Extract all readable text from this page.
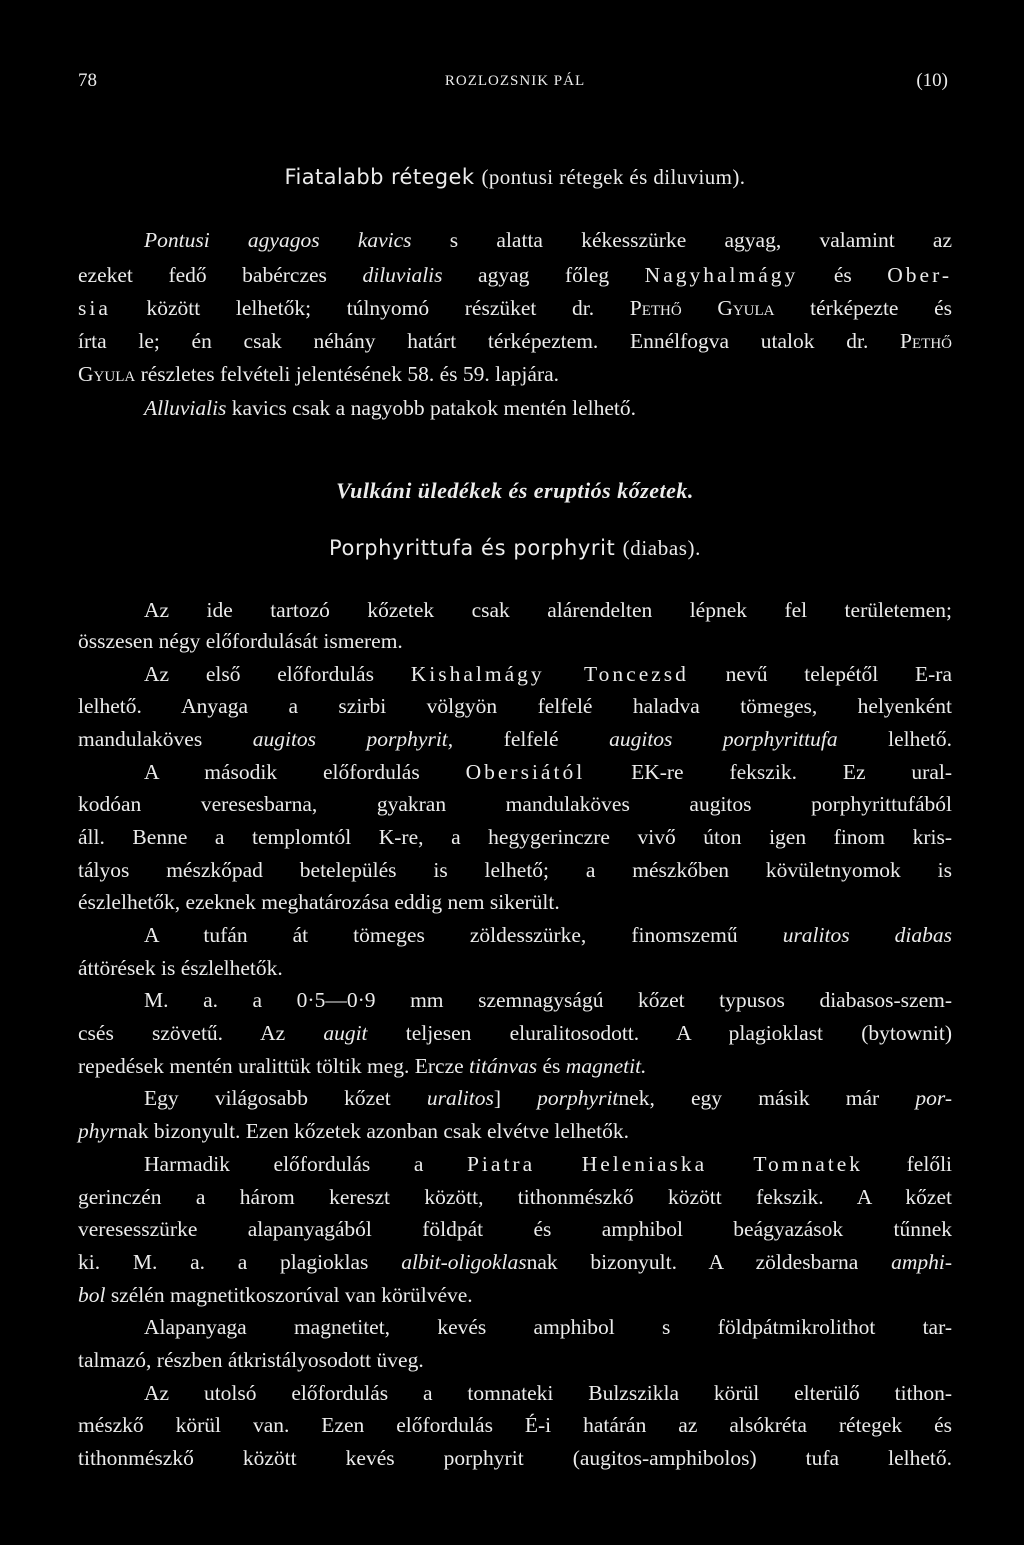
78	ROZLOZSNIK PÁL	(10)
Fiatalabb rétegek (pontusi rétegek és diluvium).
Pontusi agyagos kavics s alatta kékesszürke agyag, valamint az
ezeket fedő babérczes diluvialis agyag főleg Nagyhalmágy és Ober-
sia között lelhetők; túlnyomó részüket dr. Pethő Gyula térképezte és
írta le; én csak néhány határt térképeztem. Ennélfogva utalok dr. Pethő
Gyula részletes felvételi jelentésének 58. és 59. lapjára.
Alluvialis kavics csak a nagyobb patakok mentén lelhető.
Vulkáni üledékek és eruptiós kőzetek.
Porphyrittufa és porphyrit (diabas).
Az ide tartozó kőzetek csak alárendelten lépnek fel területemen;
összesen négy előfordulását ismerem.
Az első előfordulás Kishalmágy Toncezsd nevű telepétől E-ra
lelhető. Anyaga a szirbi völgyön felfelé haladva tömeges, helyenként
mandulaköves augitos porphyrit, felfelé augitos porphyrittufa lelhető.
A második előfordulás Obersiától EK-re fekszik. Ez ural-
kodóan veresesbarna, gyakran mandulaköves augitos porphyrittufából
áll. Benne a templomtól K-re, a hegygerinczre vivő úton igen finom kris-
tályos mészkőpad betelepülés is lelhető; a mészkőben kövületnyomok is
észlelhetők, ezeknek meghatározása eddig nem sikerült.
A tufán át tömeges zöldesszürke, finomszemű uralitos diabas
áttörések is észlelhetők.
M. a. a 0·5—0·9 mm szemnagyságú kőzet typusos diabasos-szem-
csés szövetű. Az augit teljesen eluralitosodott. A plagioklast (bytownit)
repedések mentén uralittük töltik meg. Ercze titánvas és magnetit.
Egy világosabb kőzet uralitos] porphyritnek, egy másik már por-
phyrnak bizonyult. Ezen kőzetek azonban csak elvétve lelhetők.
Harmadik előfordulás a Piatra Heleniaska Tomnatek felőli
gerinczén a három kereszt között, tithonmészkő között fekszik. A kőzet
veresesszürke alapanyagából földpát és amphibol beágyazások tűnnek
ki. M. a. a plagioklas albit-oligoklasnak bizonyult. A zöldesbarna amphi-
bol szélén magnetitkoszorúval van körülvéve.
Alapanyaga magnetitet, kevés amphibol s földpátmikrolithot tar-
talmazó, részben átkristályosodott üveg.
Az utolsó előfordulás a tomnateki Bulzszikla körül elterülő tithon-
mészkő körül van. Ezen előfordulás É-i határán az alsókréta rétegek és
tithonmészkő között kevés porphyrit (augitos-amphibolos) tufa lelhető.
